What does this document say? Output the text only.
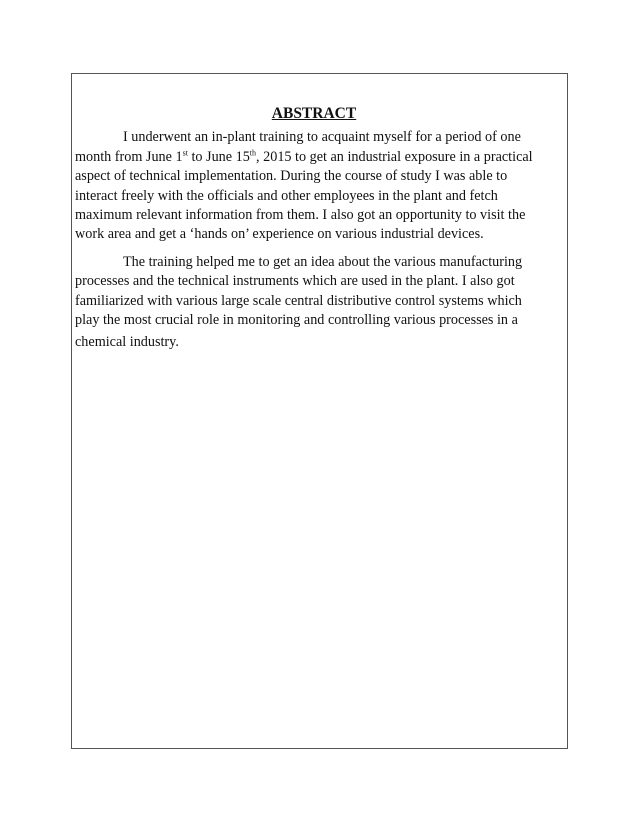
ABSTRACT
I underwent an in-plant training to acquaint myself for a period of one
month from June 1st to June 15th, 2015 to get an industrial exposure in a practical
aspect of technical implementation. During the course of study I was able to
interact freely with the officials and other employees in the plant and fetch
maximum relevant information from them. I also got an opportunity to visit the
work area and get a ‘hands on’ experience on various industrial devices.
The training helped me to get an idea about the various manufacturing
processes and the technical instruments which are used in the plant. I also got
familiarized with various large scale central distributive control systems which
play the most crucial role in monitoring and controlling various processes in a
chemical industry.
